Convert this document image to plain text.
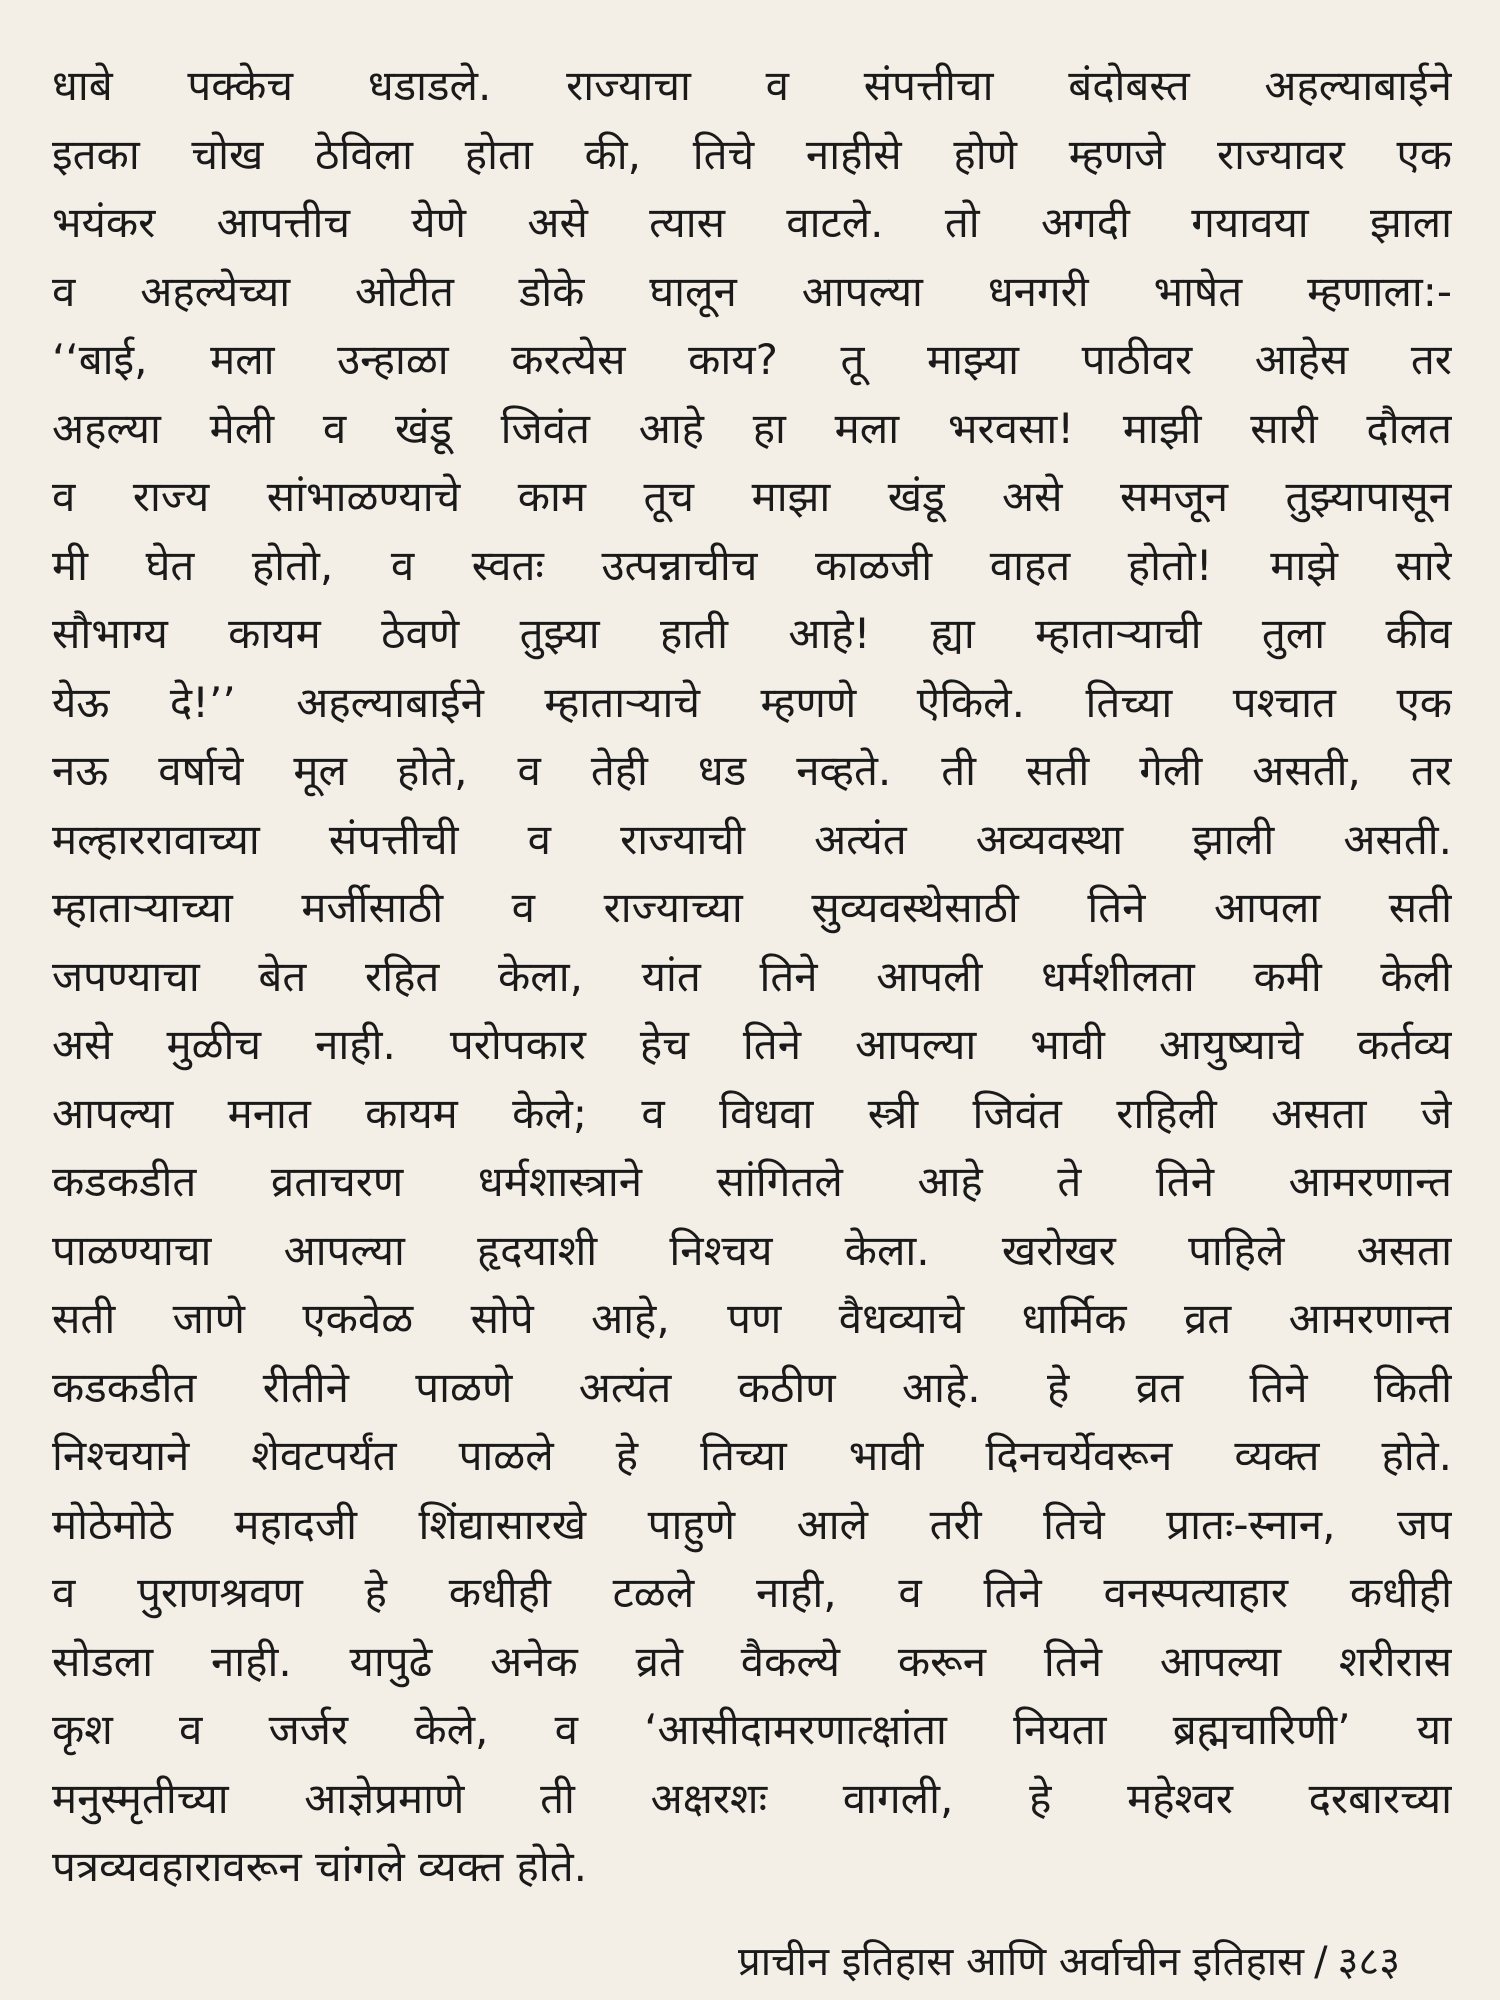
धाबे पक्केच धडाडले. राज्याचा व संपत्तीचा बंदोबस्त अहल्याबाईने
इतका चोख ठेविला होता की, तिचे नाहीसे होणे म्हणजे राज्यावर एक
भयंकर आपत्तीच येणे असे त्यास वाटले. तो अगदी गयावया झाला
व अहल्येच्या ओटीत डोके घालून आपल्या धनगरी भाषेत म्हणाला:-
‘‘बाई, मला उन्हाळा करत्येस काय? तू माझ्या पाठीवर आहेस तर
अहल्या मेली व खंडू जिवंत आहे हा मला भरवसा! माझी सारी दौलत
व राज्य सांभाळण्याचे काम तूच माझा खंडू असे समजून तुझ्यापासून
मी घेत होतो, व स्वतः उत्पन्नाचीच काळजी वाहत होतो! माझे सारे
सौभाग्य कायम ठेवणे तुझ्या हाती आहे! ह्या म्हाताऱ्याची तुला कीव
येऊ दे!’’ अहल्याबाईने म्हाताऱ्याचे म्हणणे ऐकिले. तिच्या पश्चात एक
नऊ वर्षाचे मूल होते, व तेही धड नव्हते. ती सती गेली असती, तर
मल्हाररावाच्या संपत्तीची व राज्याची अत्यंत अव्यवस्था झाली असती.
म्हाताऱ्याच्या मर्जीसाठी व राज्याच्या सुव्यवस्थेसाठी तिने आपला सती
जपण्याचा बेत रहित केला, यांत तिने आपली धर्मशीलता कमी केली
असे मुळीच नाही. परोपकार हेच तिने आपल्या भावी आयुष्याचे कर्तव्य
आपल्या मनात कायम केले; व विधवा स्त्री जिवंत राहिली असता जे
कडकडीत व्रताचरण धर्मशास्त्राने सांगितले आहे ते तिने आमरणान्त
पाळण्याचा आपल्या हृदयाशी निश्चय केला. खरोखर पाहिले असता
सती जाणे एकवेळ सोपे आहे, पण वैधव्याचे धार्मिक व्रत आमरणान्त
कडकडीत रीतीने पाळणे अत्यंत कठीण आहे. हे व्रत तिने किती
निश्चयाने शेवटपर्यंत पाळले हे तिच्या भावी दिनचर्येवरून व्यक्त होते.
मोठेमोठे महादजी शिंद्यासारखे पाहुणे आले तरी तिचे प्रातः-स्नान, जप
व पुराणश्रवण हे कधीही टळले नाही, व तिने वनस्पत्याहार कधीही
सोडला नाही. यापुढे अनेक व्रते वैकल्ये करून तिने आपल्या शरीरास
कृश व जर्जर केले, व ‘आसीदामरणात्क्षांता नियता ब्रह्मचारिणी’ या
मनुस्मृतीच्या आज्ञेप्रमाणे ती अक्षरशः वागली, हे महेश्वर दरबारच्या
पत्रव्यवहारावरून चांगले व्यक्त होते.
प्राचीन इतिहास आणि अर्वाचीन इतिहास / ३८३
